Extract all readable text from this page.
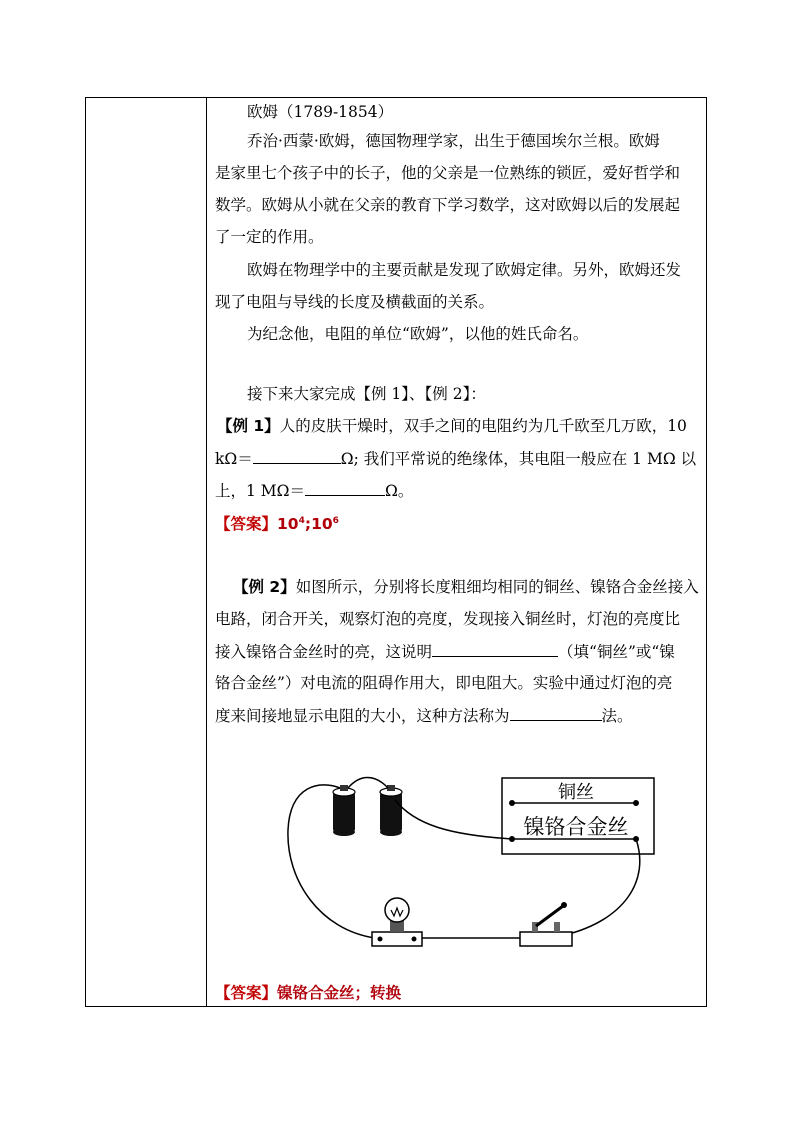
欧姆（1789-1854）
乔治·西蒙·欧姆，德国物理学家，出生于德国埃尔兰根。欧姆
是家里七个孩子中的长子，他的父亲是一位熟练的锁匠，爱好哲学和
数学。欧姆从小就在父亲的教育下学习数学，这对欧姆以后的发展起
了一定的作用。
欧姆在物理学中的主要贡献是发现了欧姆定律。另外，欧姆还发
现了电阻与导线的长度及横截面的关系。
为纪念他，电阻的单位“欧姆”，以他的姓氏命名。
接下来大家完成【例 1】、【例 2】：
【例 1】人的皮肤干燥时，双手之间的电阻约为几千欧至几万欧，10
kΩ＝	Ω; 我们平常说的绝缘体，其电阻一般应在 1 MΩ 以
上，1 MΩ＝	Ω。
【答案】$10^4;10^6$
【例 2】如图所示，分别将长度粗细均相同的铜丝、镍铬合金丝接入
电路，闭合开关，观察灯泡的亮度，发现接入铜丝时，灯泡的亮度比
接入镍铬合金丝时的亮，这说明	（填“铜丝”或“镍
铬合金丝”）对电流的阻碍作用大，即电阻大。实验中通过灯泡的亮
度来间接地显示电阻的大小，这种方法称为	法。
【答案】镍铬合金丝；转换
铜丝
镍铬合金丝
